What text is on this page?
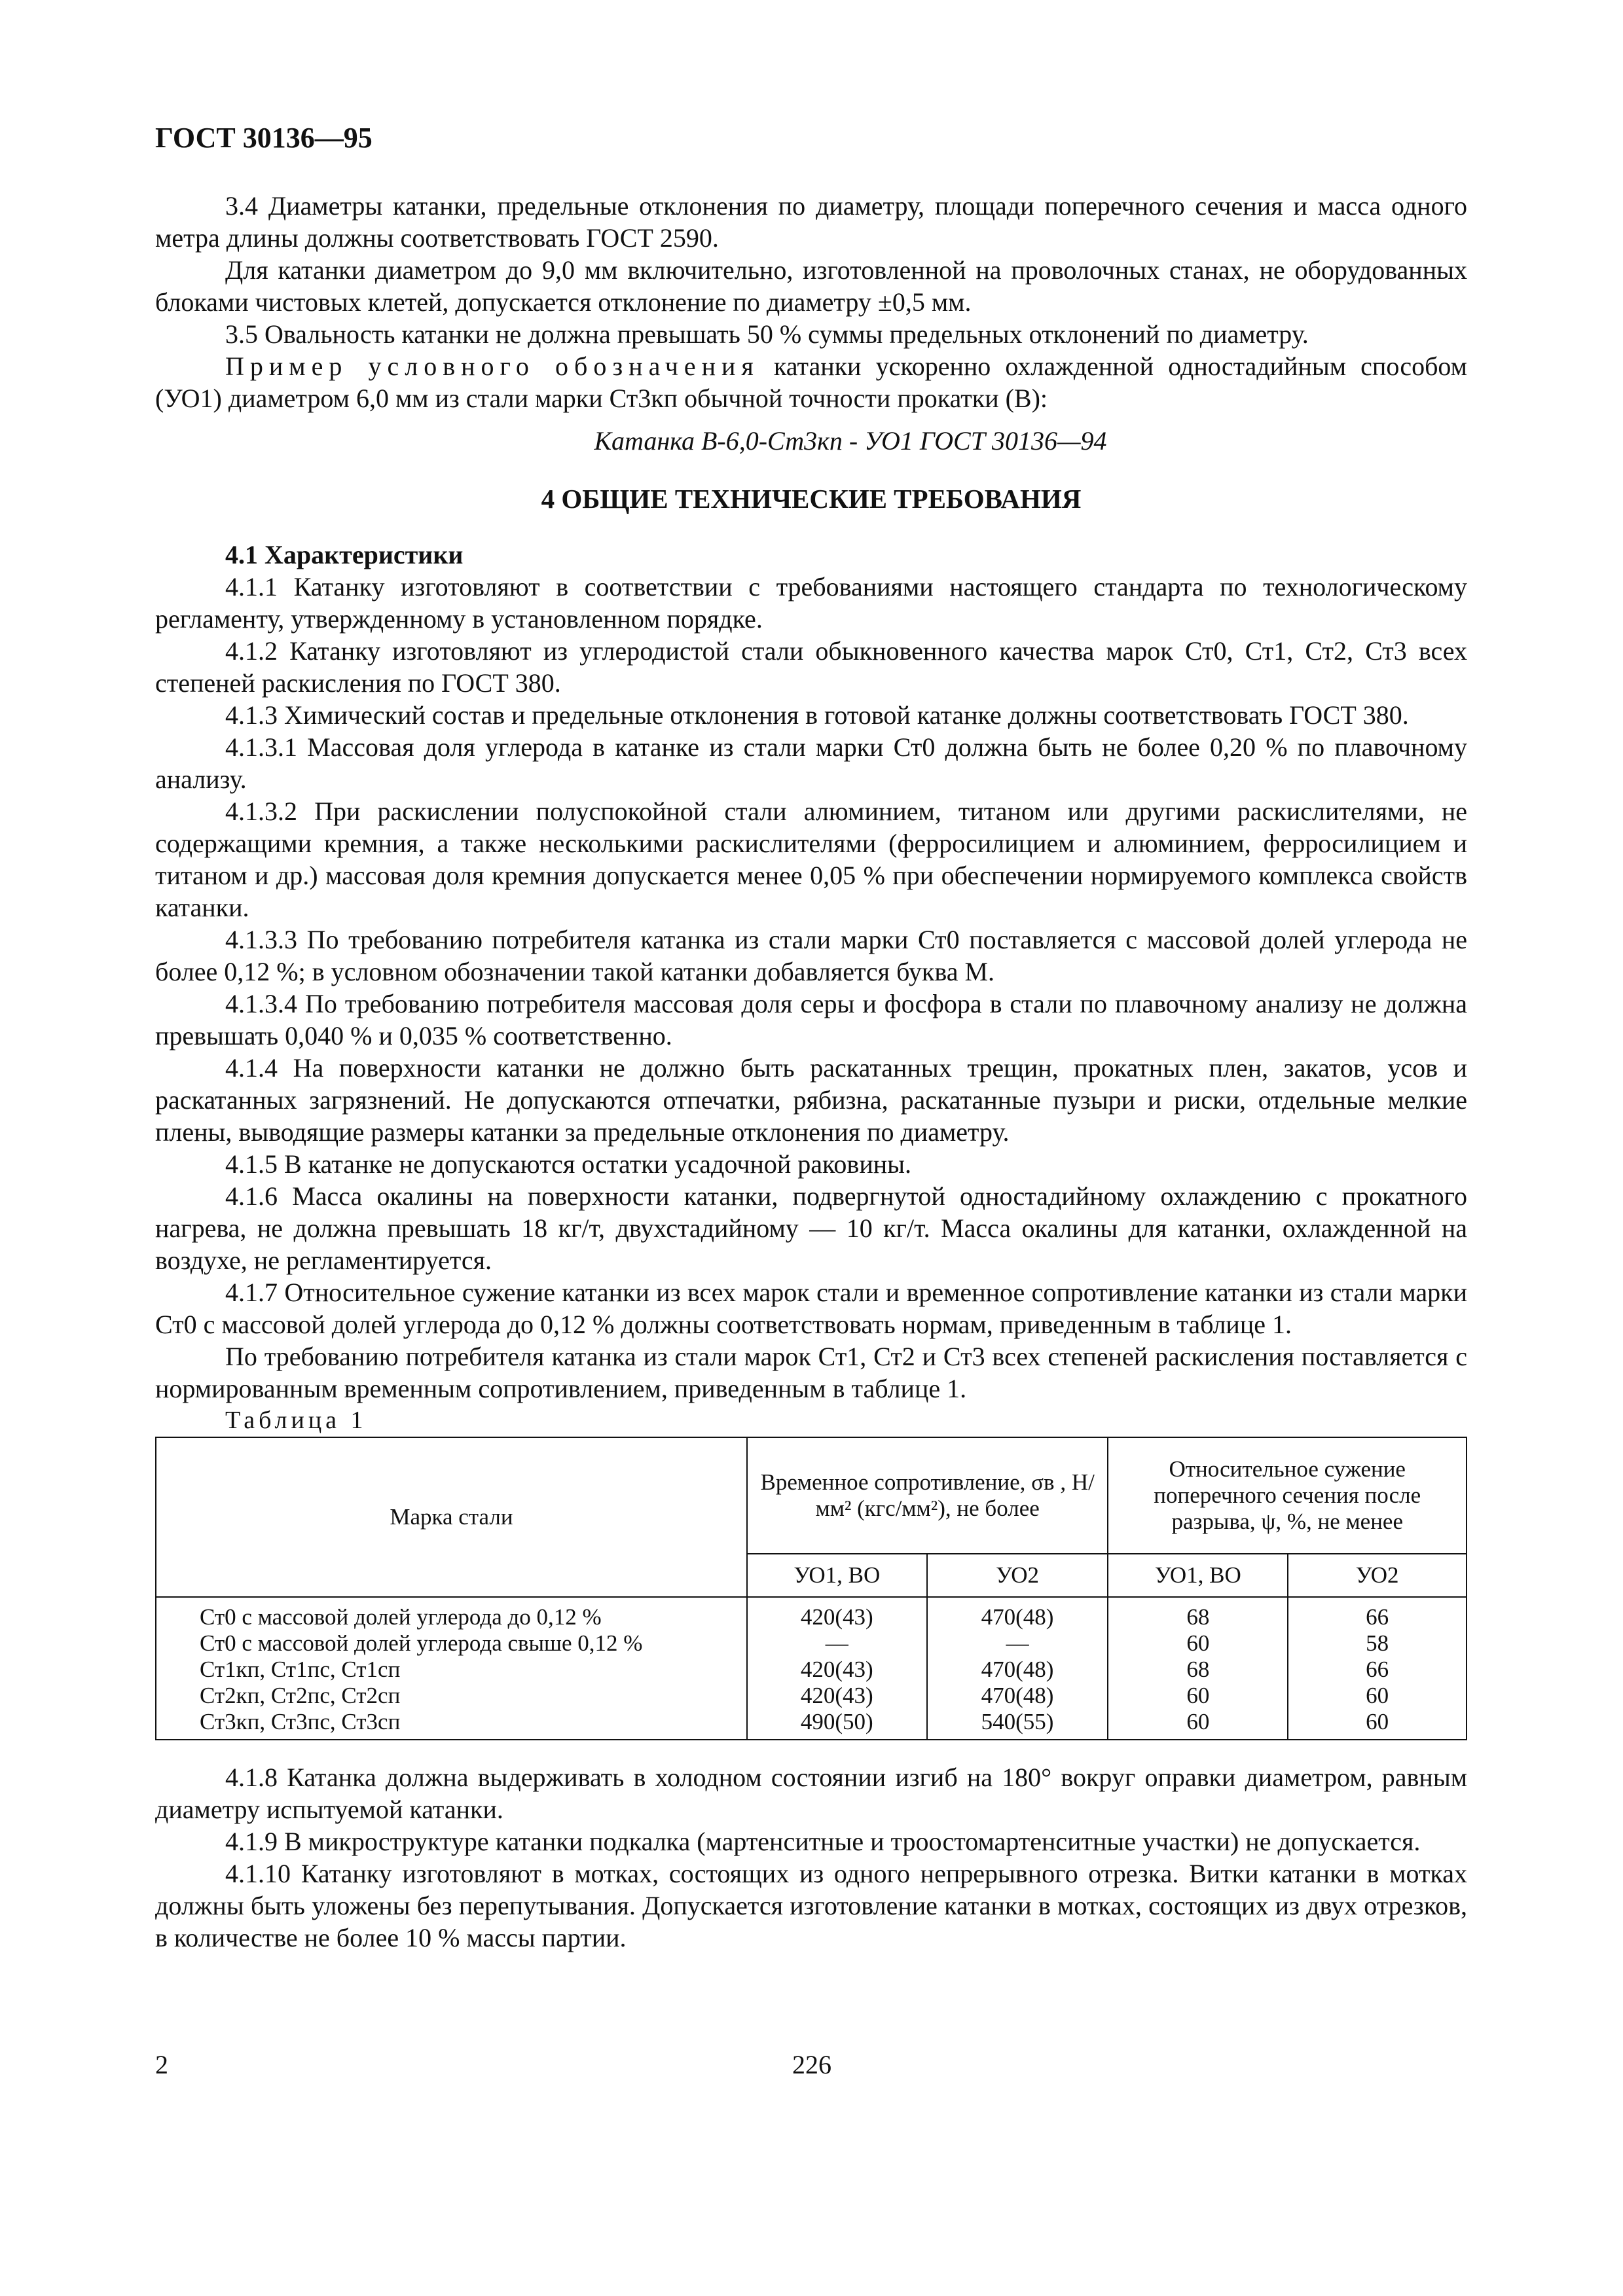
ГОСТ 30136—95

3.4 Диаметры катанки, предельные отклонения по диаметру, площади поперечного сечения и масса одного метра длины должны соответствовать ГОСТ 2590.

Для катанки диаметром до 9,0 мм включительно, изготовленной на проволочных станах, не оборудованных блоками чистовых клетей, допускается отклонение по диаметру ±0,5 мм.

3.5 Овальность катанки не должна превышать 50 % суммы предельных отклонений по диаметру.

Пример условного обозначения катанки ускоренно охлажденной одностадийным способом (УО1) диаметром 6,0 мм из стали марки Ст3кп обычной точности прокатки (В):

Катанка В-6,0-Ст3кп - УО1 ГОСТ 30136—94
4 ОБЩИЕ ТЕХНИЧЕСКИЕ ТРЕБОВАНИЯ

4.1 Характеристики

4.1.1 Катанку изготовляют в соответствии с требованиями настоящего стандарта по технологическому регламенту, утвержденному в установленном порядке.

4.1.2 Катанку изготовляют из углеродистой стали обыкновенного качества марок Ст0, Ст1, Ст2, Ст3 всех степеней раскисления по ГОСТ 380.

4.1.3 Химический состав и предельные отклонения в готовой катанке должны соответствовать ГОСТ 380.

4.1.3.1 Массовая доля углерода в катанке из стали марки Ст0 должна быть не более 0,20 % по плавочному анализу.

4.1.3.2 При раскислении полуспокойной стали алюминием, титаном или другими раскислителями, не содержащими кремния, а также несколькими раскислителями (ферросилицием и алюминием, ферросилицием и титаном и др.) массовая доля кремния допускается менее 0,05 % при обеспечении нормируемого комплекса свойств катанки.

4.1.3.3 По требованию потребителя катанка из стали марки Ст0 поставляется с массовой долей углерода не более 0,12 %; в условном обозначении такой катанки добавляется буква М.

4.1.3.4 По требованию потребителя массовая доля серы и фосфора в стали по плавочному анализу не должна превышать 0,040 % и 0,035 % соответственно.

4.1.4 На поверхности катанки не должно быть раскатанных трещин, прокатных плен, закатов, усов и раскатанных загрязнений. Не допускаются отпечатки, рябизна, раскатанные пузыри и риски, отдельные мелкие плены, выводящие размеры катанки за предельные отклонения по диаметру.

4.1.5 В катанке не допускаются остатки усадочной раковины.

4.1.6 Масса окалины на поверхности катанки, подвергнутой одностадийному охлаждению с прокатного нагрева, не должна превышать 18 кг/т, двухстадийному — 10 кг/т. Масса окалины для катанки, охлажденной на воздухе, не регламентируется.

4.1.7 Относительное сужение катанки из всех марок стали и временное сопротивление катанки из стали марки Ст0 с массовой долей углерода до 0,12 % должны соответствовать нормам, приведенным в таблице 1.

По требованию потребителя катанка из стали марок Ст1, Ст2 и Ст3 всех степеней раскисления поставляется с нормированным временным сопротивлением, приведенным в таблице 1.

Таблица 1

Марка стали	Временное сопротивление, σв , Н/мм² (кгс/мм²), не более		Относительное сужение поперечного сечения после разрыва, ψ, %, не менее	
	УО1, ВО	УО2	УО1, ВО	УО2
Ст0 с массовой долей углерода до 0,12 %	420(43)	470(48)	68	66
Ст0 с массовой долей углерода свыше 0,12 %	—	—	60	58
Ст1кп, Ст1пс, Ст1сп	420(43)	470(48)	68	66
Ст2кп, Ст2пс, Ст2сп	420(43)	470(48)	60	60
Ст3кп, Ст3пс, Ст3сп	490(50)	540(55)	60	60

4.1.8 Катанка должна выдерживать в холодном состоянии изгиб на 180° вокруг оправки диаметром, равным диаметру испытуемой катанки.

4.1.9 В микроструктуре катанки подкалка (мартенситные и троостомартенситные участки) не допускается.

4.1.10 Катанку изготовляют в мотках, состоящих из одного непрерывного отрезка. Витки катанки в мотках должны быть уложены без перепутывания. Допускается изготовление катанки в мотках, состоящих из двух отрезков, в количестве не более 10 % массы партии.

2	226
